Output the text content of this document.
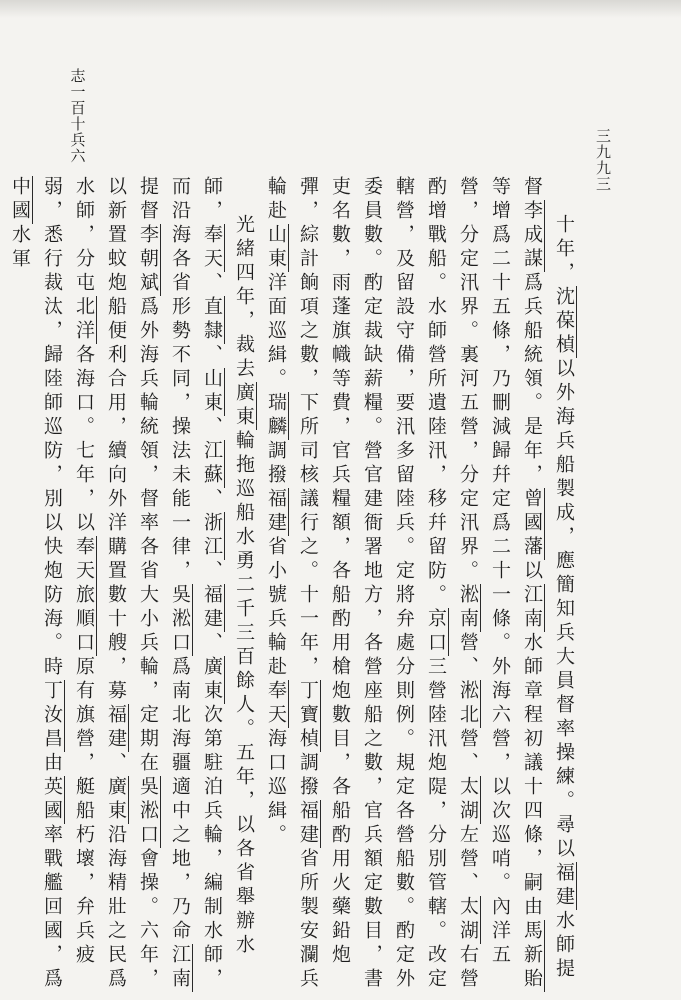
志一百十　兵六	三九九三
十年，沈葆楨以外海兵船製成，應簡知兵大員督率操練。尋以福建水師提督李成謀爲兵船統領。是年，曾國藩以江南水師章程初議十四條，嗣由馬新貽等增爲二十五條，乃刪減歸幷定爲二十一條。外海六營，以次巡哨。內洋五營，分定汛界。裏河五營，分定汛界。淞南營、淞北營、太湖左營、太湖右營酌增戰船。水師營所遺陸汛，移幷留防。京口三營陸汛炮隄，分別管轄。改定轄營，及留設守備，要汛多留陸兵。定將弁處分則例。規定各營船數。酌定外委員數。酌定裁缺薪糧。營官建衙署地方，各營座船之數，官兵額定數目，書吏名數，雨蓬旗幟等費，官兵糧額，各船酌用槍炮數目，各船酌用火藥鉛炮彈，綜計餉項之數，下所司核議行之。十一年，丁寶楨調撥福建省所製安瀾兵輪赴山東洋面巡緝。瑞麟調撥福建省小號兵輪赴奉天海口巡緝。
光緒四年，裁去廣東輪拖巡船水勇二千三百餘人。五年，以各省舉辦水師，奉天、直隸、山東、江蘇、浙江、福建、廣東次第駐泊兵輪，編制水師，而沿海各省形勢不同，操法未能一律，吳淞口爲南北海疆適中之地，乃命江南提督李朝斌爲外海兵輪統領，督率各省大小兵輪，定期在吳淞口會操。六年，以新置蚊炮船便利合用，續向外洋購置數十艘，募福建、廣東沿海精壯之民爲水師，分屯北洋各海口。七年，以奉天旅順口原有旗營，艇船朽壞，弁兵疲弱，悉行裁汰，歸陸師巡防，別以快炮防海。時丁汝昌由英國率戰艦回國，爲中國水軍
